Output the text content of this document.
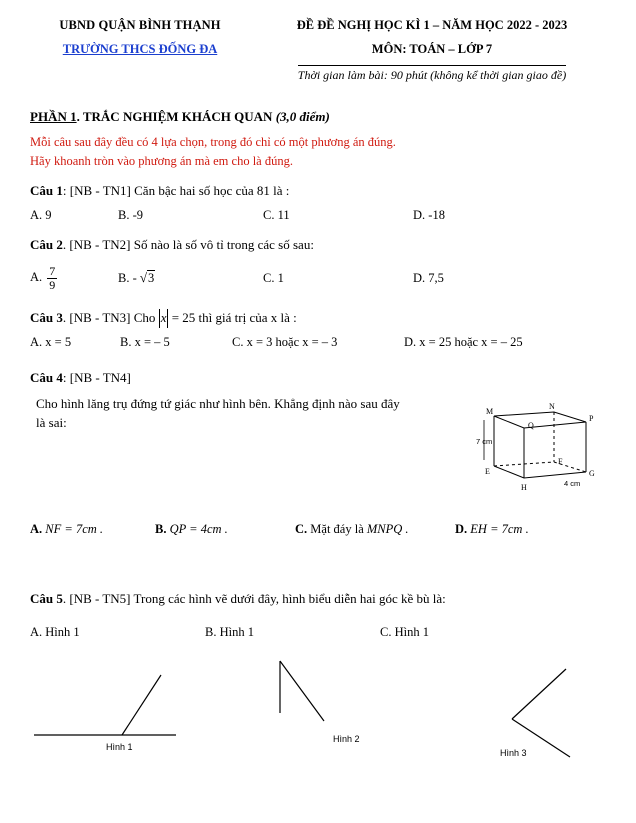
UBND QUẬN BÌNH THẠNH
TRƯỜNG THCS ĐỐNG ĐA
ĐỀ ĐỀ NGHỊ HỌC KÌ 1 – NĂM HỌC 2022 - 2023
MÔN: TOÁN – LỚP 7
Thời gian làm bài: 90 phút (không kể thời gian giao đề)
PHẦN 1. TRẮC NGHIỆM KHÁCH QUAN (3,0 điểm)
Mỗi câu sau đây đều có 4 lựa chọn, trong đó chỉ có một phương án đúng.
Hãy khoanh tròn vào phương án mà em cho là đúng.
Câu 1: [NB - TN1] Căn bậc hai số học của 81 là :
A. 9	B. -9	C. 11	D. -18
Câu 2. [NB - TN2] Số nào là số vô tỉ trong các số sau:
A. $\frac{7}{9}$	B. - √3	C. 1	D. 7,5
Câu 3. [NB - TN3] Cho x = 25 thì giá trị của x là :
A. x = 5	B. x = – 5	C. x = 3 hoặc x = – 3	D. x = 25 hoặc x = – 25
Câu 4: [NB - TN4]
Cho hình lăng trụ đứng tứ giác như hình bên. Khẳng định nào sau đây
là sai:
M
N
P
Q
E
F
G
H
7 cm
4 cm
A. NF = 7cm .	B. QP = 4cm .	C. Mặt đáy là MNPQ .	D. EH = 7cm .
Câu 5. [NB - TN5] Trong các hình vẽ dưới đây, hình biểu diễn hai góc kề bù là:
A. Hình 1	B. Hình 1	C. Hình 1
Hình 1
Hình 2
Hình 3
